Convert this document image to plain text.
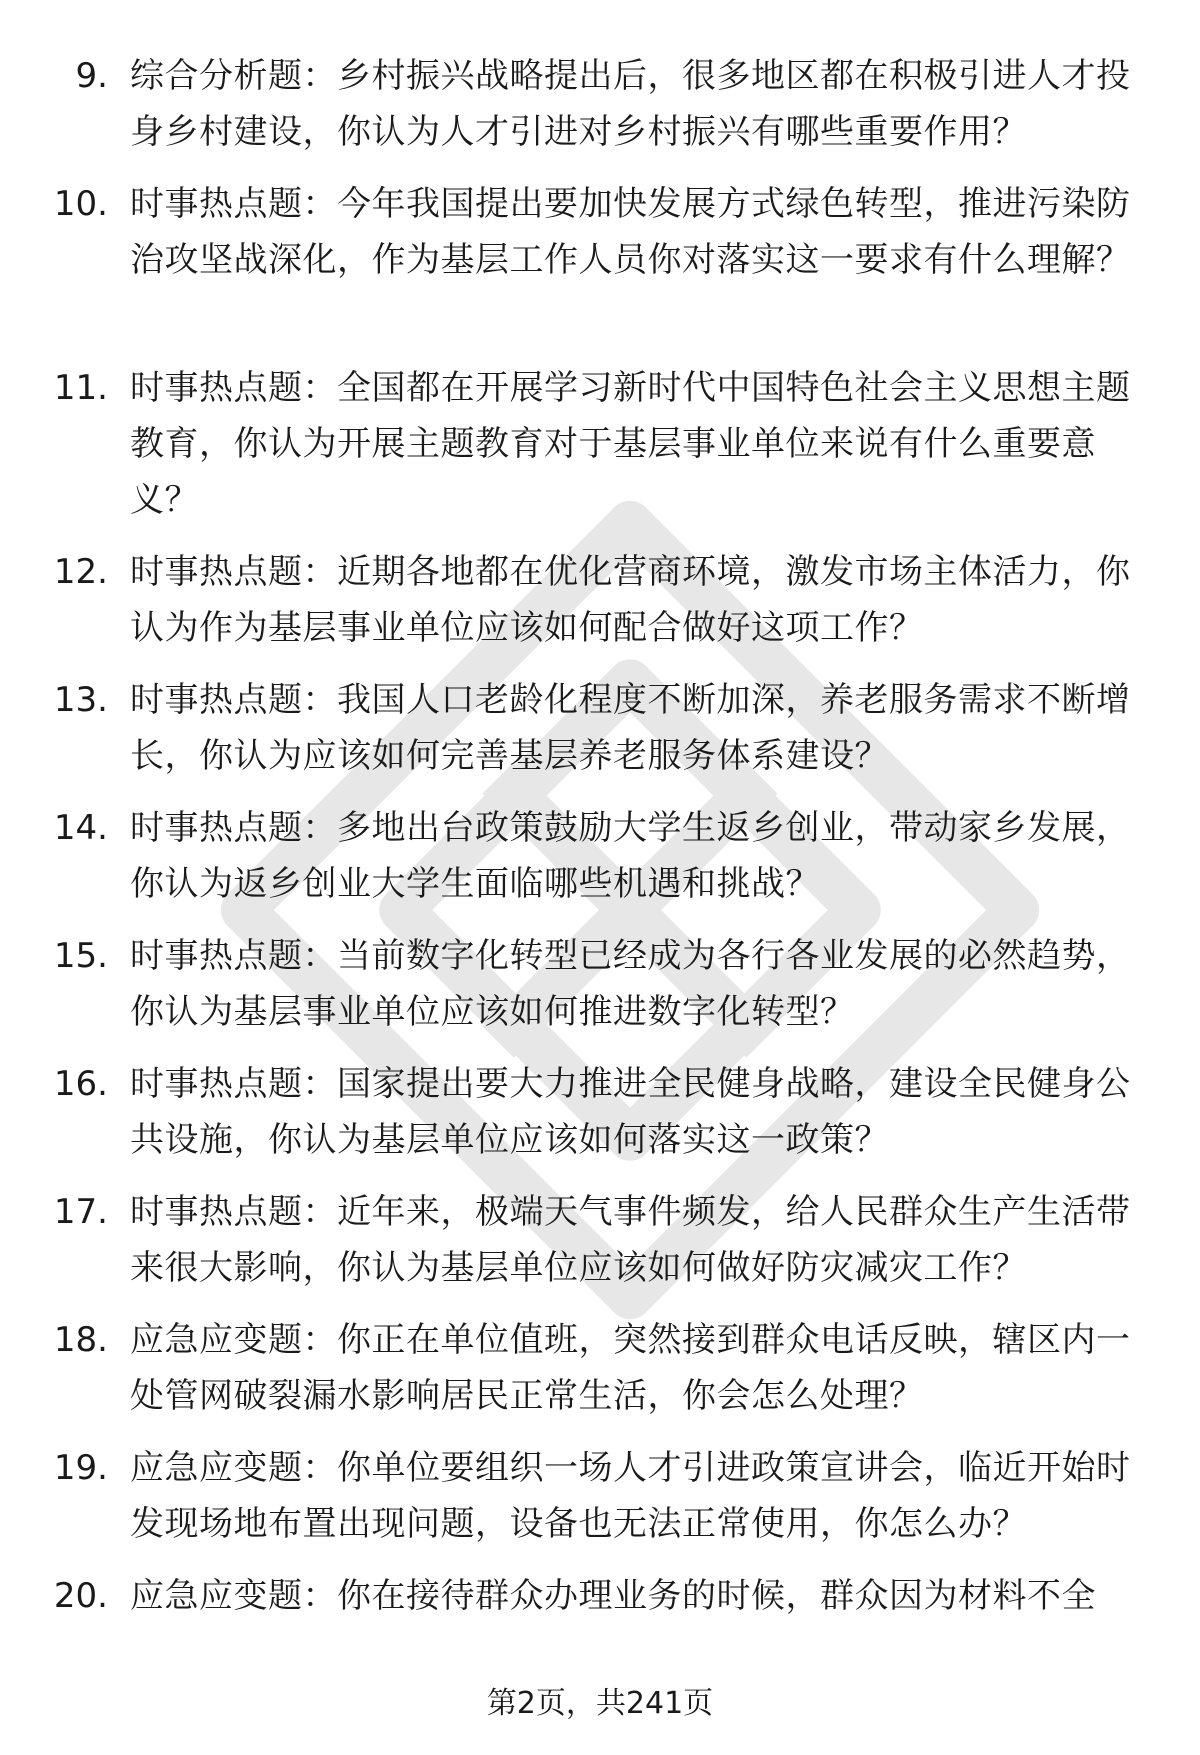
9. 综合分析题：乡村振兴战略提出后，很多地区都在积极引进人才投身乡村建设，你认为人才引进对乡村振兴有哪些重要作用？
10. 时事热点题：今年我国提出要加快发展方式绿色转型，推进污染防治攻坚战深化，作为基层工作人员你对落实这一要求有什么理解？
11. 时事热点题：全国都在开展学习新时代中国特色社会主义思想主题教育，你认为开展主题教育对于基层事业单位来说有什么重要意义？
12. 时事热点题：近期各地都在优化营商环境，激发市场主体活力，你认为作为基层事业单位应该如何配合做好这项工作？
13. 时事热点题：我国人口老龄化程度不断加深，养老服务需求不断增长，你认为应该如何完善基层养老服务体系建设？
14. 时事热点题：多地出台政策鼓励大学生返乡创业，带动家乡发展，你认为返乡创业大学生面临哪些机遇和挑战？
15. 时事热点题：当前数字化转型已经成为各行各业发展的必然趋势，你认为基层事业单位应该如何推进数字化转型？
16. 时事热点题：国家提出要大力推进全民健身战略，建设全民健身公共设施，你认为基层单位应该如何落实这一政策？
17. 时事热点题：近年来，极端天气事件频发，给人民群众生产生活带来很大影响，你认为基层单位应该如何做好防灾减灾工作？
18. 应急应变题：你正在单位值班，突然接到群众电话反映，辖区内一处管网破裂漏水影响居民正常生活，你会怎么处理？
19. 应急应变题：你单位要组织一场人才引进政策宣讲会，临近开始时发现场地布置出现问题，设备也无法正常使用，你怎么办？
20. 应急应变题：你在接待群众办理业务的时候，群众因为材料不全
第2页，共241页
